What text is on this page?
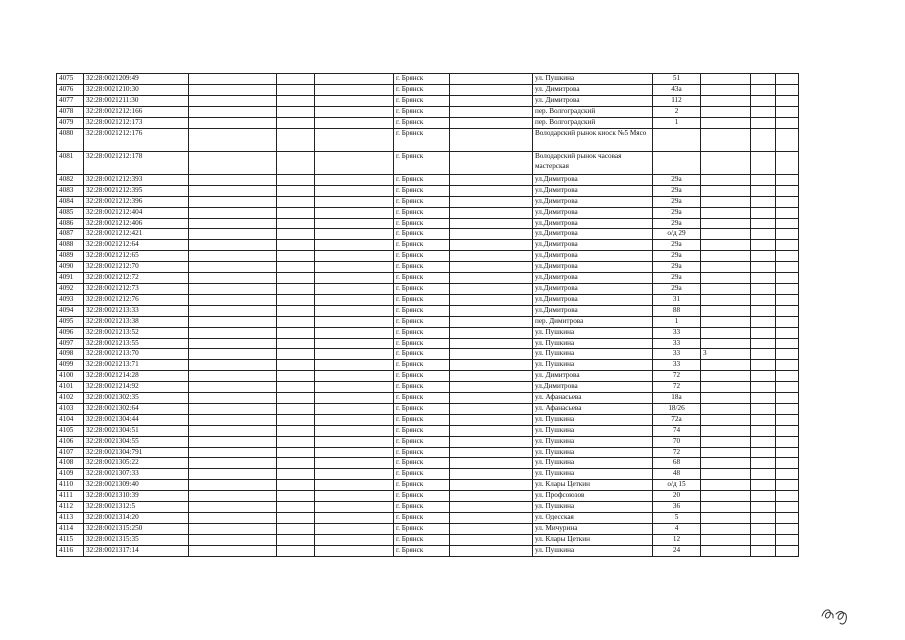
4075	32:28:0021209:49				г. Брянск		ул. Пушкина	51			
4076	32:28:0021210:30				г. Брянск		ул. Димитрова	43а			
4077	32:28:0021211:30				г. Брянск		ул. Димитрова	112			
4078	32:28:0021212:166				г. Брянск		пер. Волгоградский	2			
4079	32:28:0021212:173				г. Брянск		пер. Волгоградский	1			
4080	32:28:0021212:176				г. Брянск		Володарский рынок киоск №5 Мясо				
4081	32:28:0021212:178				г. Брянск		Володарский рынок часовая мастерская				
4082	32:28:0021212:393				г. Брянск		ул.Димитрова	29а			
4083	32:28:0021212:395				г. Брянск		ул.Димитрова	29а			
4084	32:28:0021212:396				г. Брянск		ул.Димитрова	29а			
4085	32:28:0021212:404				г. Брянск		ул.Димитрова	29а			
4086	32:28:0021212:406				г. Брянск		ул.Димитрова	29а			
4087	32:28:0021212:421				г. Брянск		ул.Димитрова	о/д 29			
4088	32:28:0021212:64				г. Брянск		ул.Димитрова	29а			
4089	32:28:0021212:65				г. Брянск		ул.Димитрова	29а			
4090	32:28:0021212:70				г. Брянск		ул.Димитрова	29а			
4091	32:28:0021212:72				г. Брянск		ул.Димитрова	29а			
4092	32:28:0021212:73				г. Брянск		ул.Димитрова	29а			
4093	32:28:0021212:76				г. Брянск		ул.Димитрова	31			
4094	32:28:0021213:33				г. Брянск		ул.Димитрова	88			
4095	32:28:0021213:38				г. Брянск		пер. Димитрова	1			
4096	32:28:0021213:52				г. Брянск		ул. Пушкина	33			
4097	32:28:0021213:55				г. Брянск		ул. Пушкина	33			
4098	32:28:0021213:70				г. Брянск		ул. Пушкина	33	3		
4099	32:28:0021213:71				г. Брянск		ул. Пушкина	33			
4100	32:28:0021214:28				г. Брянск		ул. Димитрова	72			
4101	32:28:0021214:92				г. Брянск		ул.Димитрова	72			
4102	32:28:0021302:35				г. Брянск		ул. Афанасьева	18а			
4103	32:28:0021302:64				г. Брянск		ул. Афанасьева	18/26			
4104	32:28:0021304:44				г. Брянск		ул. Пушкина	72а			
4105	32:28:0021304:51				г. Брянск		ул. Пушкина	74			
4106	32:28:0021304:55				г. Брянск		ул. Пушкина	70			
4107	32:28:0021304:791				г. Брянск		ул. Пушкина	72			
4108	32:28:0021305:22				г. Брянск		ул. Пушкина	68			
4109	32:28:0021307:33				г. Брянск		ул. Пушкина	48			
4110	32:28:0021309:40				г. Брянск		ул. Клары Цеткин	о/д 15			
4111	32:28:0021310:39				г. Брянск		ул. Профсоюзов	20			
4112	32:28:0021312:5				г. Брянск		ул. Пушкина	36			
4113	32:28:0021314:20				г. Брянск		ул. Одесская	5			
4114	32:28:0021315:250				г. Брянск		ул. Мичурина	4			
4115	32:28:0021315:35				г. Брянск		ул. Клары Цеткин	12			
4116	32:28:0021317:14				г. Брянск		ул. Пушкина	24			
